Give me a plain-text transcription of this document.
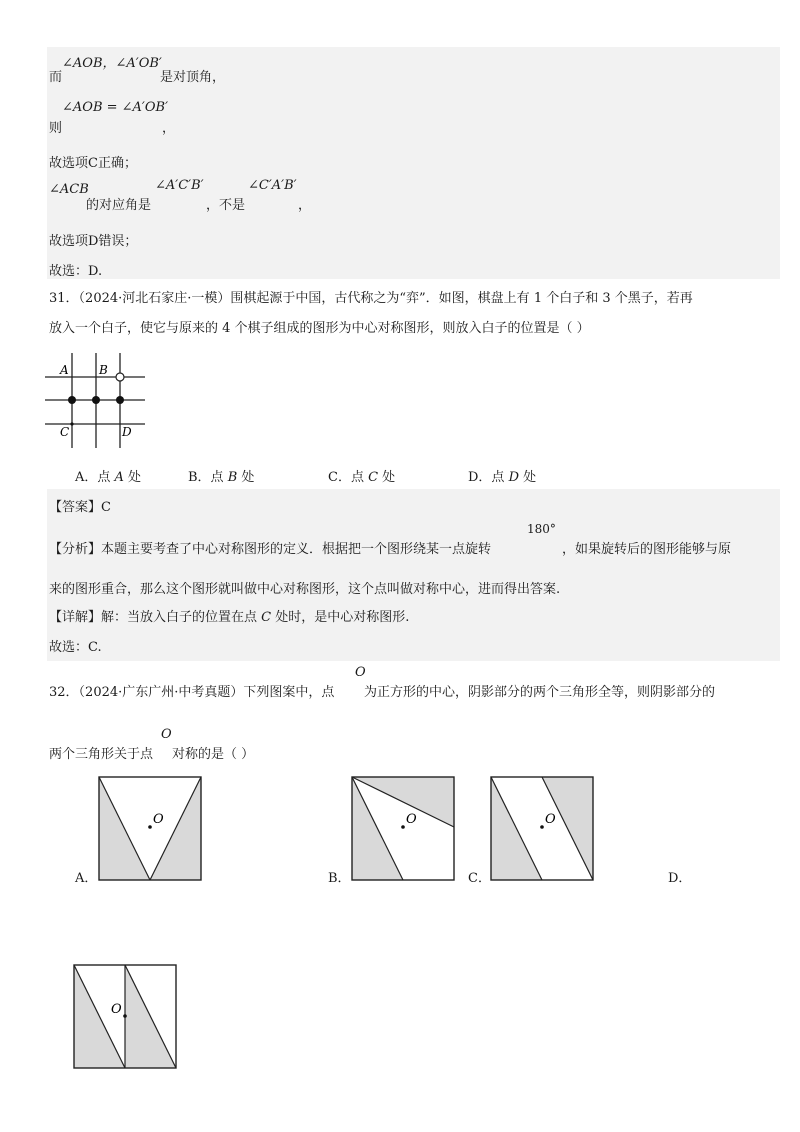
∠AOB，∠A′OB′
而	是对顶角，
∠AOB = ∠A′OB′
则	，
故选项C正确；
∠ACB
的对应角是
∠A′C′B′
，不是
∠C′A′B′
，
故选项D错误；
故选：D.
31．（2024·河北石家庄·一模）围棋起源于中国，古代称之为“弈”．如图，棋盘上有 1 个白子和 3 个黑子，若再
放入一个白子，使它与原来的 4 个棋子组成的图形为中心对称图形，则放入白子的位置是（ ）
A	B
C	D
A．点 A 处	B．点 B 处	C．点 C 处	D．点 D 处
【答案】C
【分析】本题主要考查了中心对称图形的定义．根据把一个图形绕某一点旋转
180°
，如果旋转后的图形能够与原
来的图形重合，那么这个图形就叫做中心对称图形，这个点叫做对称中心，进而得出答案.
【详解】解：当放入白子的位置在点 C 处时，是中心对称图形.
故选：C.
32．（2024·广东广州·中考真题）下列图案中，点
O
为正方形的中心，阴影部分的两个三角形全等，则阴影部分的
两个三角形关于点
O
对称的是（ ）
O
A．
O
B．
O
C．	D．
O
